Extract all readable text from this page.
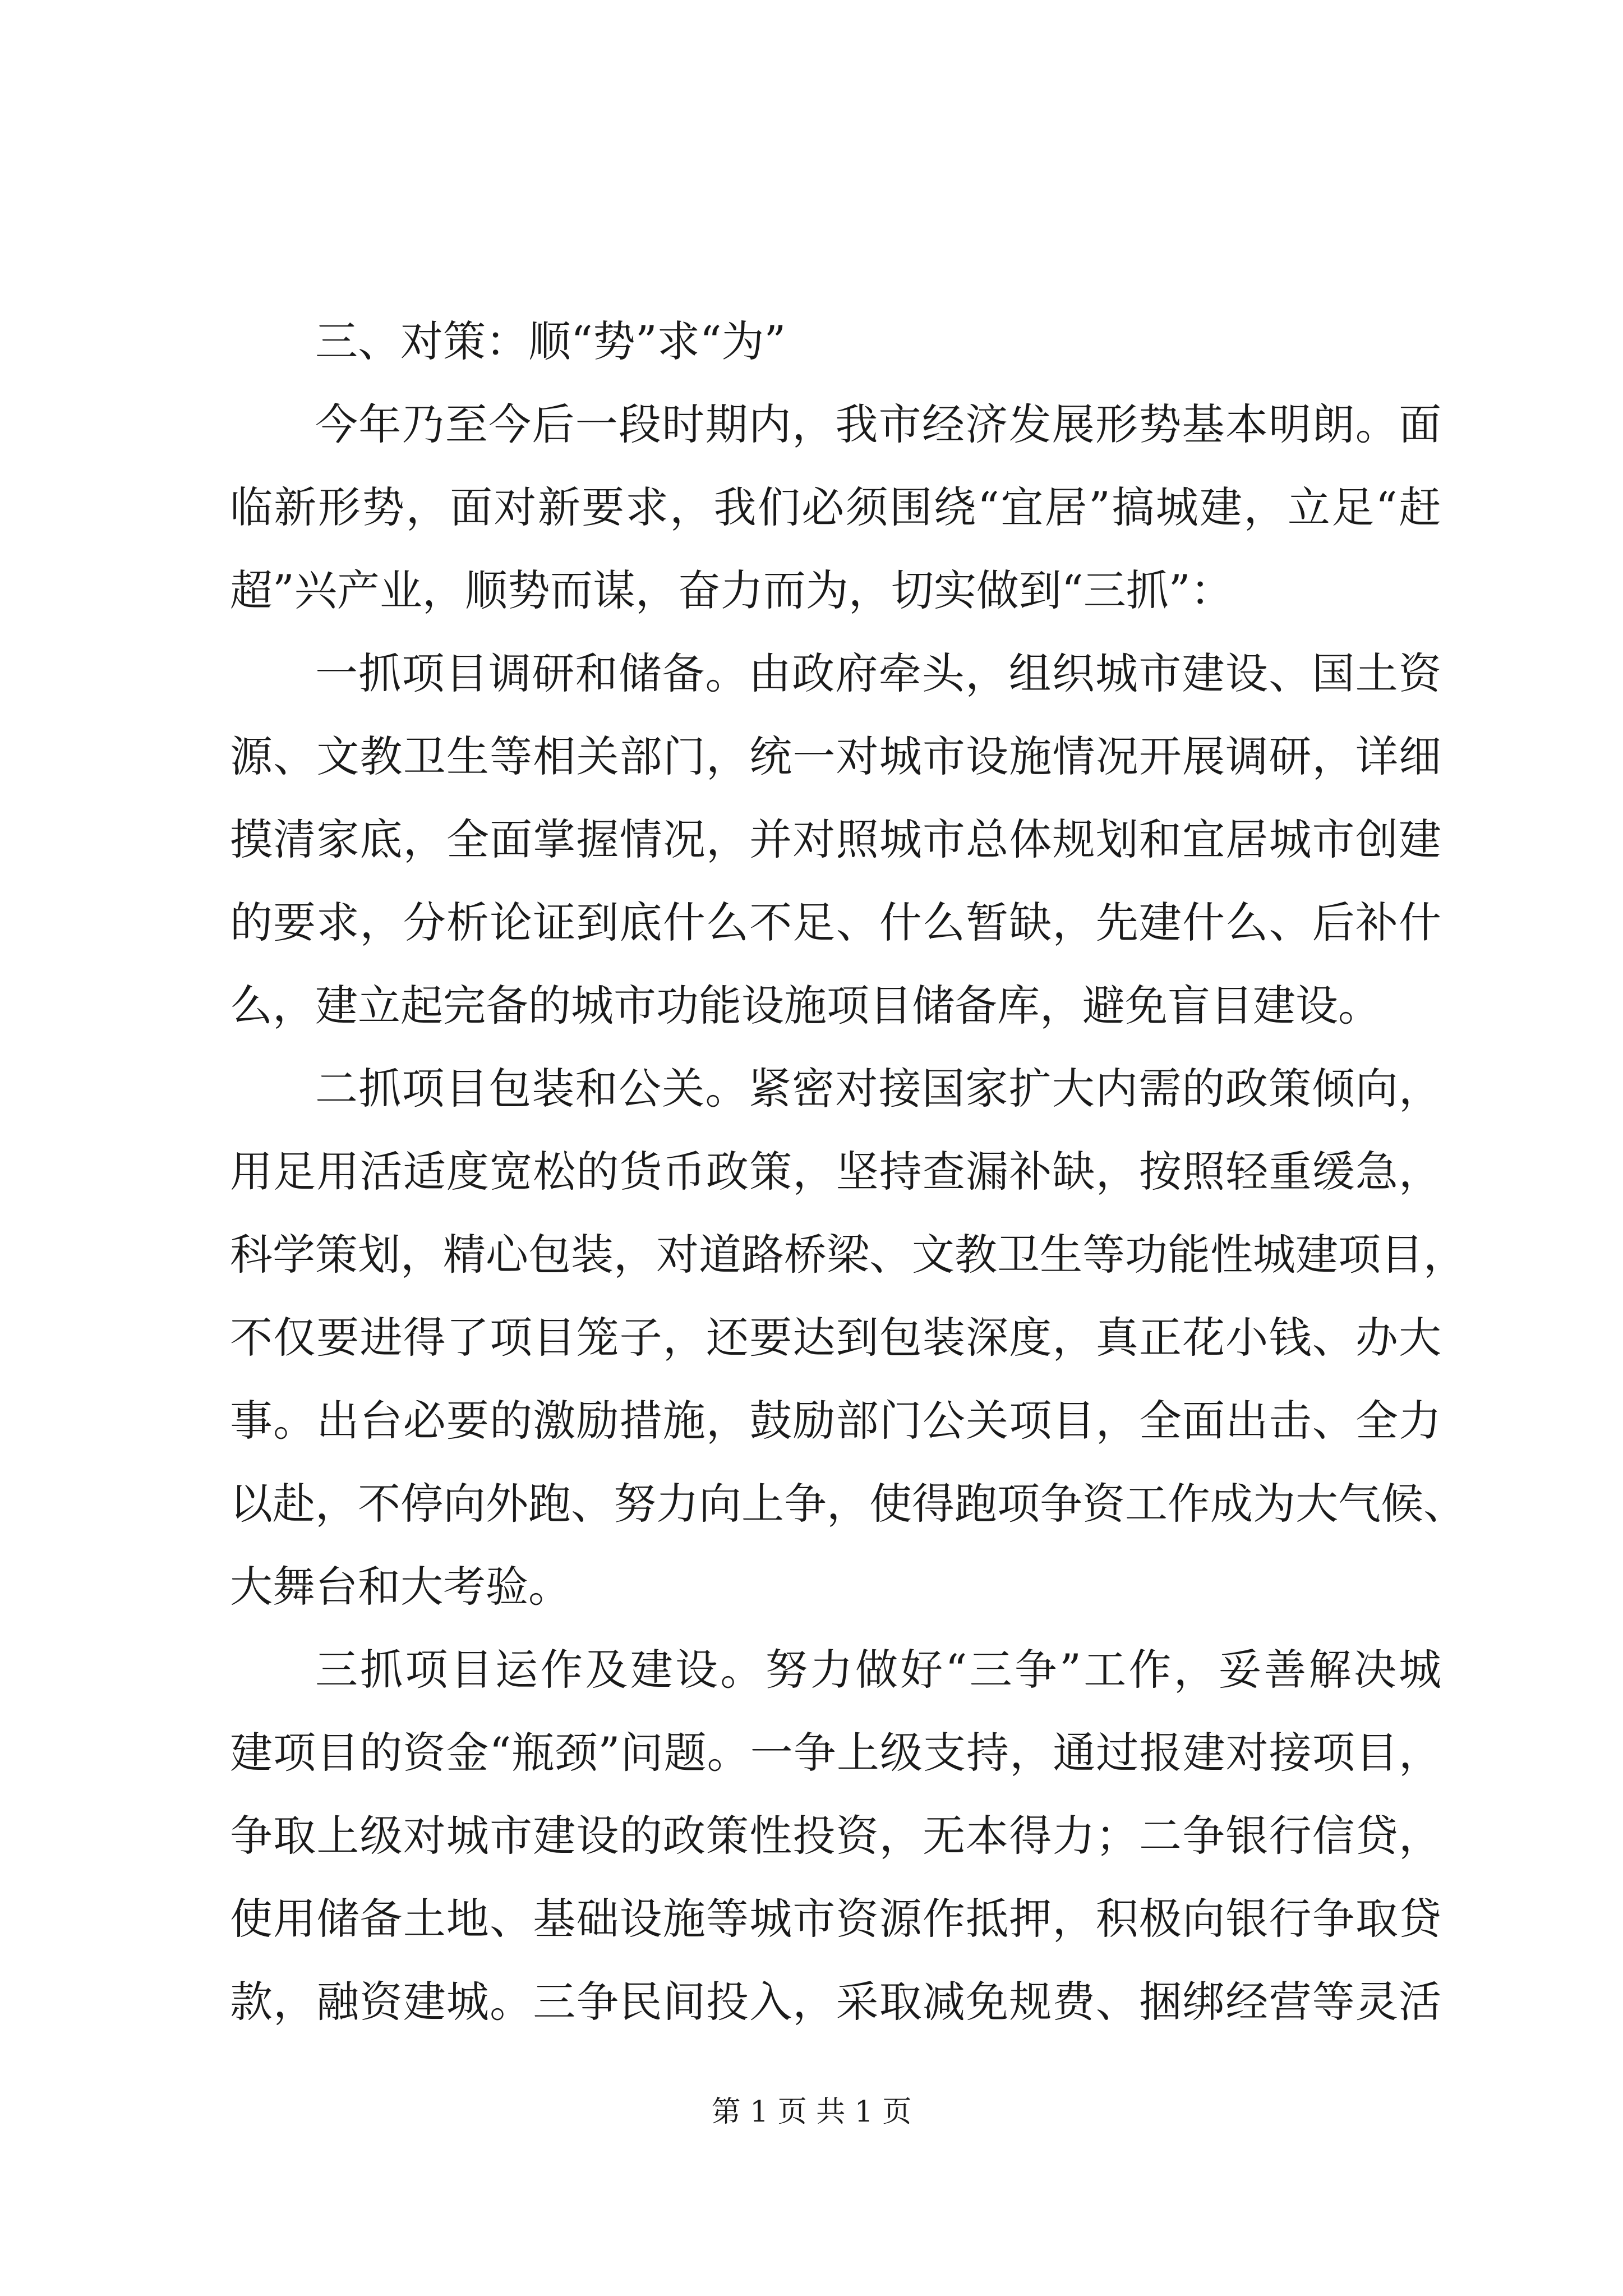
三、对策：顺“势”求“为”
今年乃至今后一段时期内，我市经济发展形势基本明朗。面
临新形势，面对新要求，我们必须围绕“宜居”搞城建，立足“赶
超”兴产业，顺势而谋，奋力而为，切实做到“三抓”：
一抓项目调研和储备。由政府牵头，组织城市建设、国土资
源、文教卫生等相关部门，统一对城市设施情况开展调研，详细
摸清家底，全面掌握情况，并对照城市总体规划和宜居城市创建
的要求，分析论证到底什么不足、什么暂缺，先建什么、后补什
么，建立起完备的城市功能设施项目储备库，避免盲目建设。
二抓项目包装和公关。紧密对接国家扩大内需的政策倾向，
用足用活适度宽松的货币政策，坚持查漏补缺，按照轻重缓急，
科学策划，精心包装，对道路桥梁、文教卫生等功能性城建项目，
不仅要进得了项目笼子，还要达到包装深度，真正花小钱、办大
事。出台必要的激励措施，鼓励部门公关项目，全面出击、全力
以赴，不停向外跑、努力向上争，使得跑项争资工作成为大气候、
大舞台和大考验。
三抓项目运作及建设。努力做好“三争”工作，妥善解决城
建项目的资金“瓶颈”问题。一争上级支持，通过报建对接项目，
争取上级对城市建设的政策性投资，无本得力；二争银行信贷，
使用储备土地、基础设施等城市资源作抵押，积极向银行争取贷
款，融资建城。三争民间投入，采取减免规费、捆绑经营等灵活
第 1 页 共 1 页
